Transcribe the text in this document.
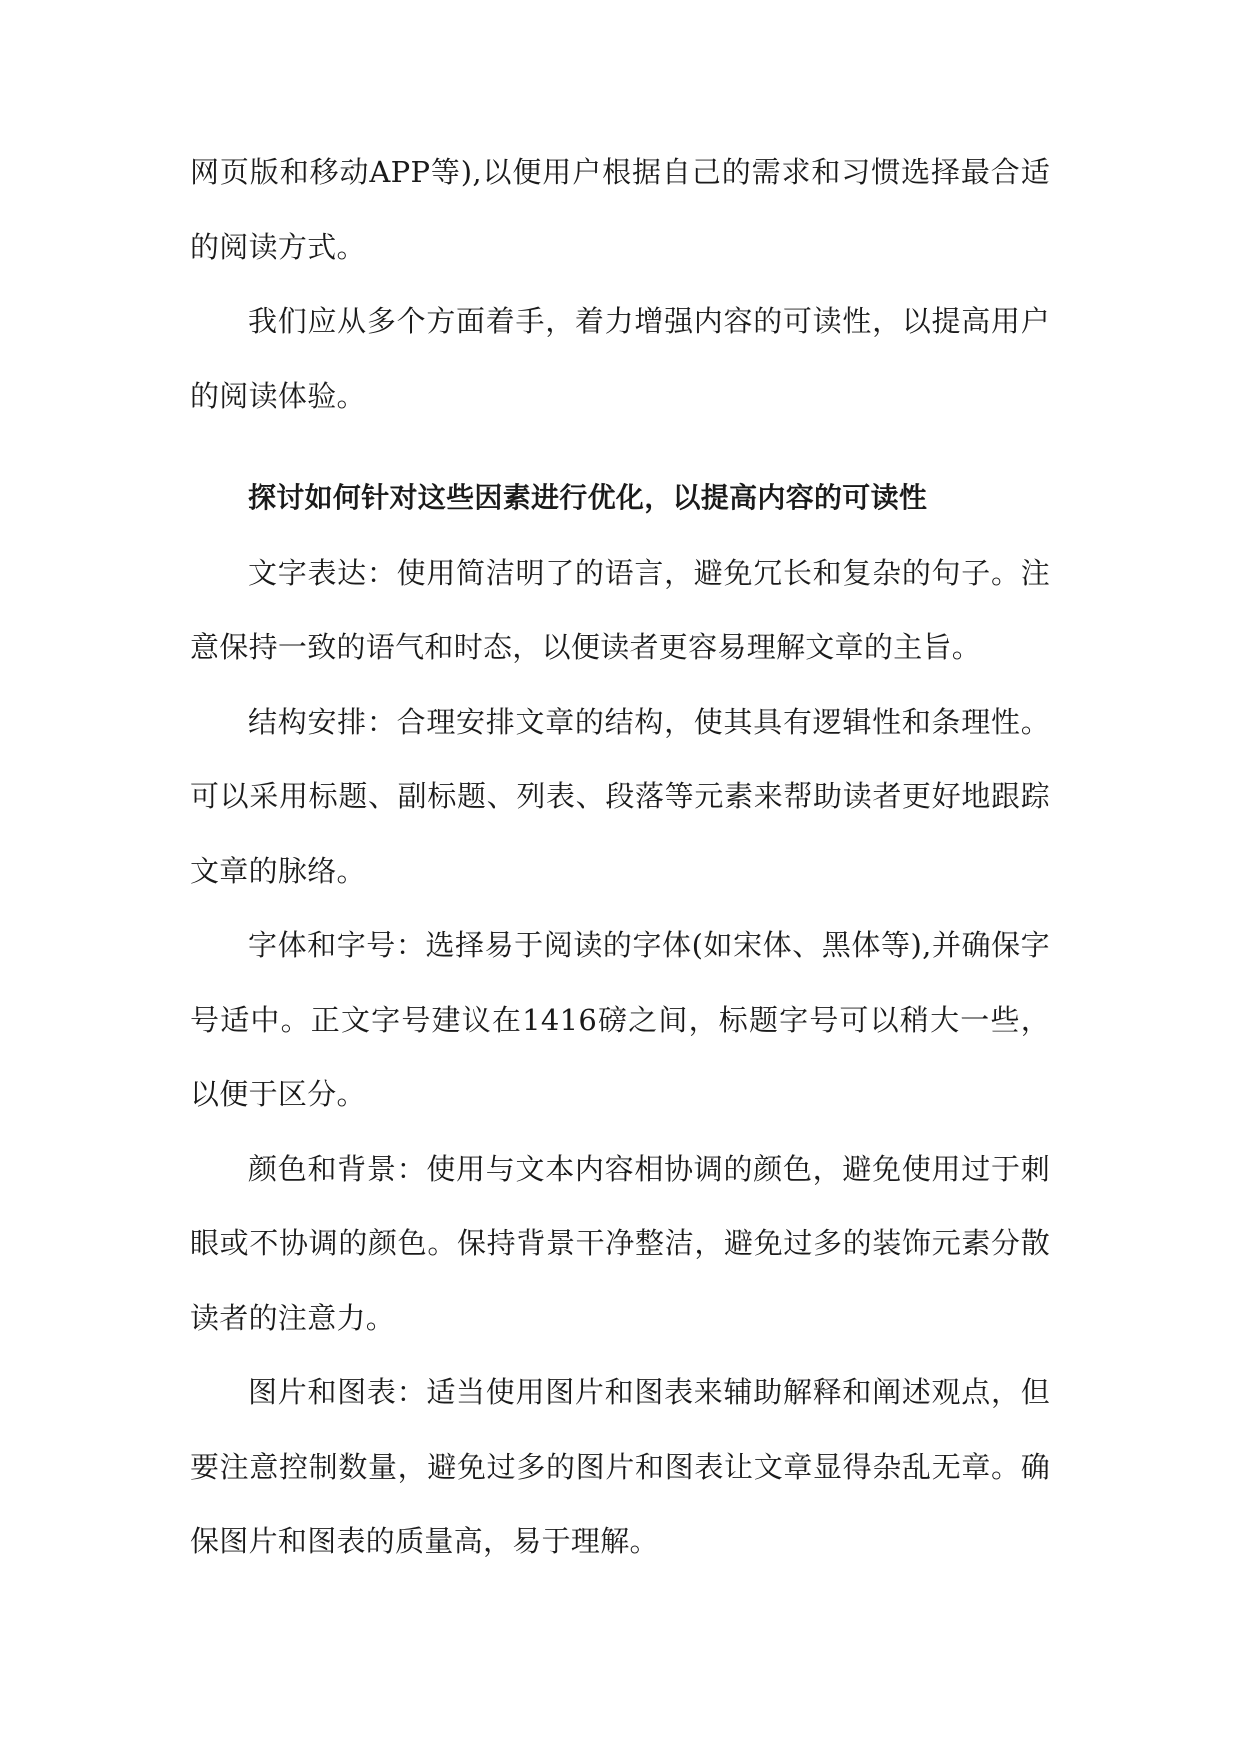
网页版和移动APP等),以便用户根据自己的需求和习惯选择最合适的阅读方式。

我们应从多个方面着手，着力增强内容的可读性，以提高用户的阅读体验。

探讨如何针对这些因素进行优化，以提高内容的可读性

文字表达：使用简洁明了的语言，避免冗长和复杂的句子。注意保持一致的语气和时态，以便读者更容易理解文章的主旨。

结构安排：合理安排文章的结构，使其具有逻辑性和条理性。可以采用标题、副标题、列表、段落等元素来帮助读者更好地跟踪文章的脉络。

字体和字号：选择易于阅读的字体(如宋体、黑体等),并确保字号适中。正文字号建议在1416磅之间，标题字号可以稍大一些，以便于区分。

颜色和背景：使用与文本内容相协调的颜色，避免使用过于刺眼或不协调的颜色。保持背景干净整洁，避免过多的装饰元素分散读者的注意力。

图片和图表：适当使用图片和图表来辅助解释和阐述观点，但要注意控制数量，避免过多的图片和图表让文章显得杂乱无章。确保图片和图表的质量高，易于理解。
